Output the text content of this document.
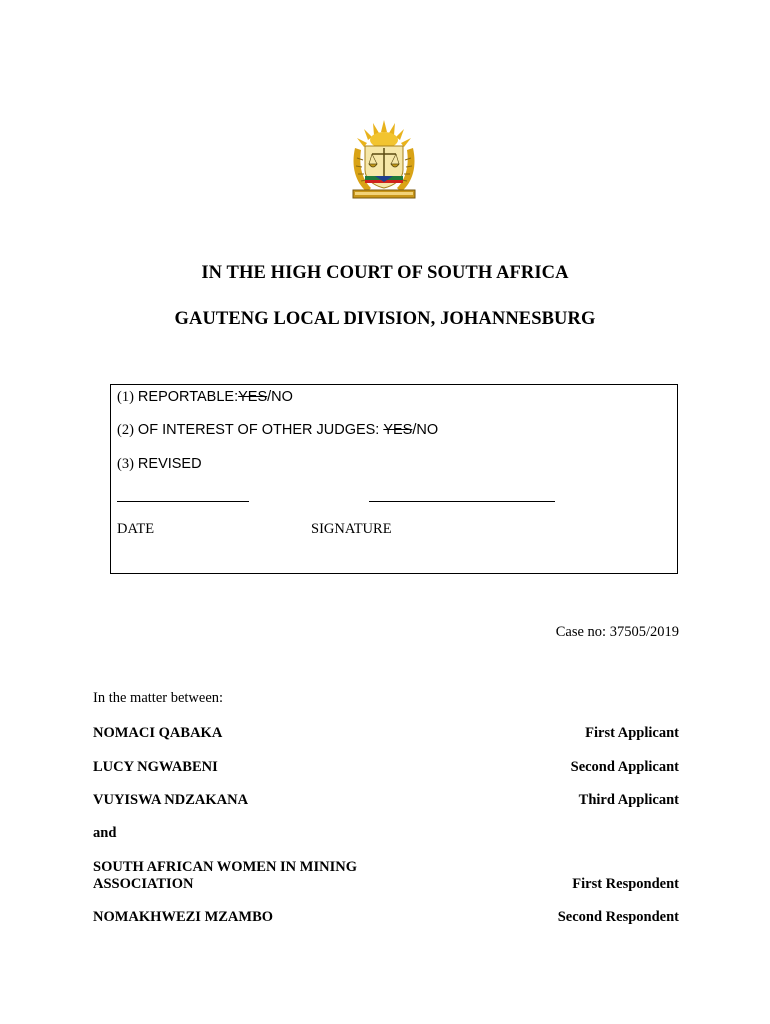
IN THE HIGH COURT OF SOUTH AFRICA
GAUTENG LOCAL DIVISION, JOHANNESBURG
(1) REPORTABLE:YES/NO
(2) OF INTEREST OF OTHER JUDGES: YES/NO
(3) REVISED
DATE	SIGNATURE
Case no: 37505/2019
In the matter between:
NOMACI QABAKA	First Applicant
LUCY NGWABENI	Second Applicant
VUYISWA NDZAKANA	Third Applicant
and
SOUTH AFRICAN WOMEN IN MINING
ASSOCIATION	First Respondent
NOMAKHWEZI MZAMBO	Second Respondent
